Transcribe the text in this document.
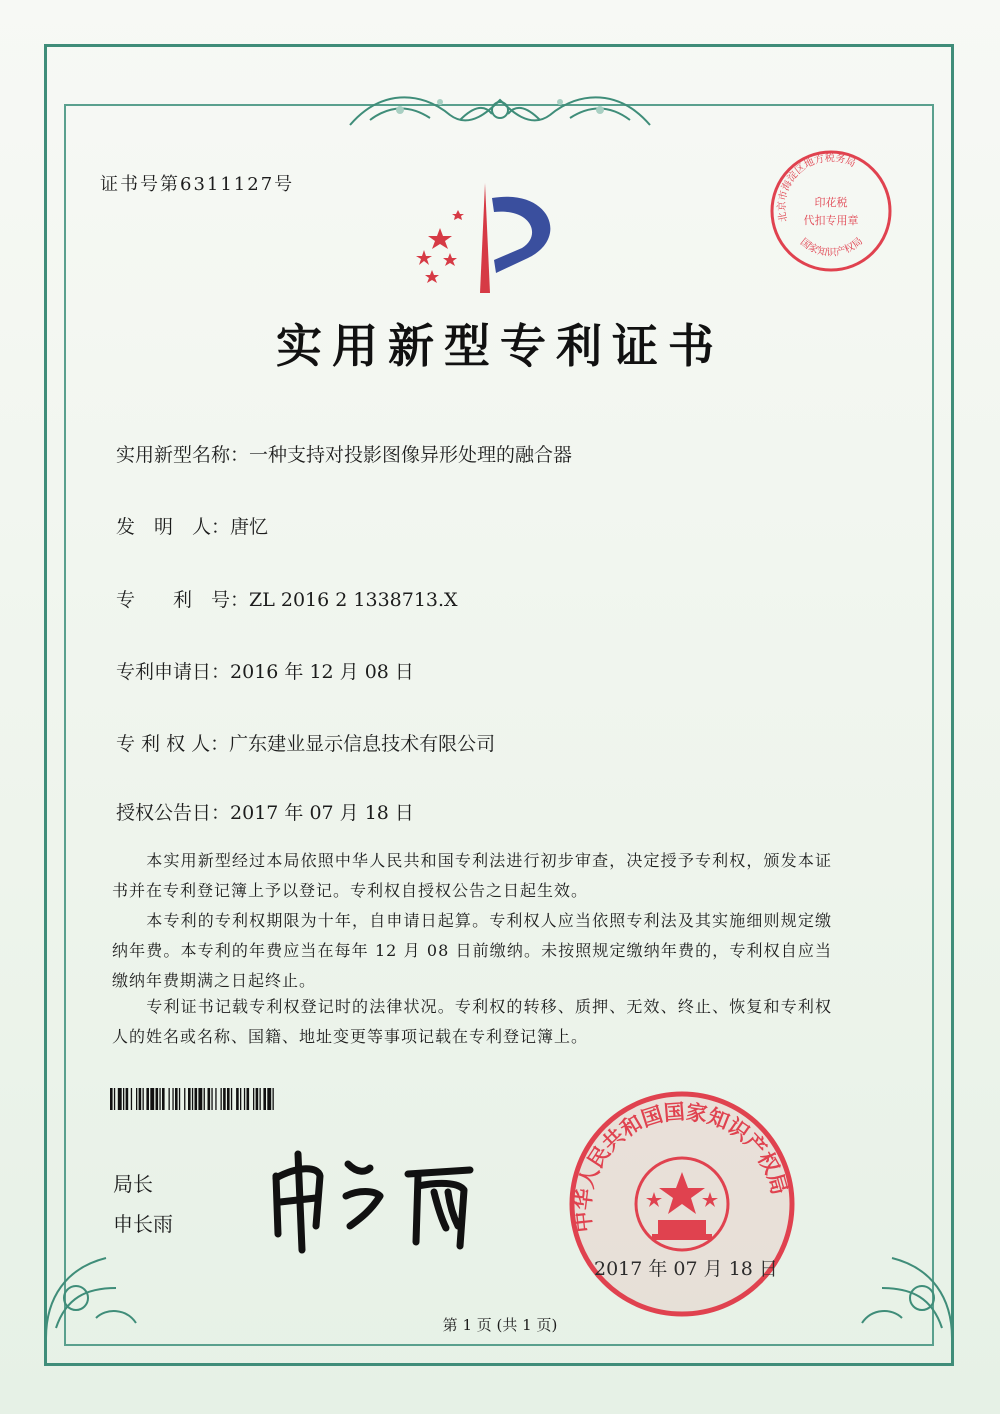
证书号第6311127号
实用新型专利证书
实用新型名称：一种支持对投影图像异形处理的融合器
发　明　人：唐忆
专　　利　号：ZL 2016 2 1338713.X
专利申请日：2016 年 12 月 08 日
专 利 权 人：广东建业显示信息技术有限公司
授权公告日：2017 年 07 月 18 日
　　本实用新型经过本局依照中华人民共和国专利法进行初步审查，决定授予专利权，颁发本证书并在专利登记簿上予以登记。专利权自授权公告之日起生效。
　　本专利的专利权期限为十年，自申请日起算。专利权人应当依照专利法及其实施细则规定缴纳年费。本专利的年费应当在每年 12 月 08 日前缴纳。未按照规定缴纳年费的，专利权自应当缴纳年费期满之日起终止。
　　专利证书记载专利权登记时的法律状况。专利权的转移、质押、无效、终止、恢复和专利权人的姓名或名称、国籍、地址变更等事项记载在专利登记簿上。
局长
申长雨	中华人民共和国国家知识产权局
2017 年 07 月 18 日
北京市海淀区地方税务局
印花税
代扣专用章
国家知识产权局
第 1 页 (共 1 页)
